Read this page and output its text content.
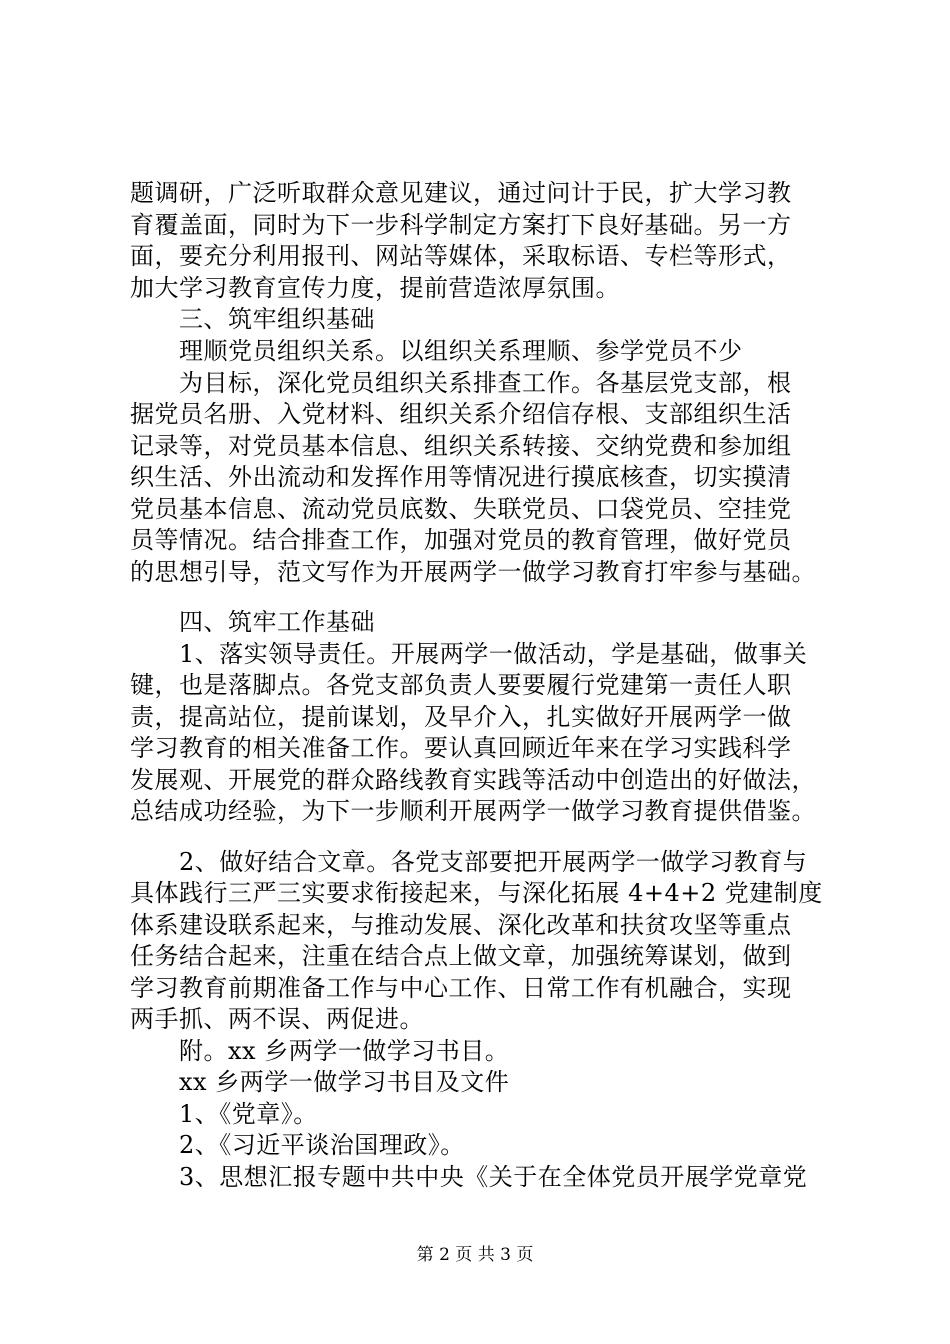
题调研，广泛听取群众意见建议，通过问计于民，扩大学习教
育覆盖面，同时为下一步科学制定方案打下良好基础。另一方
面，要充分利用报刊、网站等媒体，采取标语、专栏等形式，
加大学习教育宣传力度，提前营造浓厚氛围。
　　三、筑牢组织基础
　　理顺党员组织关系。以组织关系理顺、参学党员不少
　　为目标，深化党员组织关系排查工作。各基层党支部，根
据党员名册、入党材料、组织关系介绍信存根、支部组织生活
记录等，对党员基本信息、组织关系转接、交纳党费和参加组
织生活、外出流动和发挥作用等情况进行摸底核查，切实摸清
党员基本信息、流动党员底数、失联党员、口袋党员、空挂党
员等情况。结合排查工作，加强对党员的教育管理，做好党员
的思想引导，范文写作为开展两学一做学习教育打牢参与基础。
　　四、筑牢工作基础
　　1、落实领导责任。开展两学一做活动，学是基础，做事关
键，也是落脚点。各党支部负责人要要履行党建第一责任人职
责，提高站位，提前谋划，及早介入，扎实做好开展两学一做
学习教育的相关准备工作。要认真回顾近年来在学习实践科学
发展观、开展党的群众路线教育实践等活动中创造出的好做法，
总结成功经验，为下一步顺利开展两学一做学习教育提供借鉴。
　　2、做好结合文章。各党支部要把开展两学一做学习教育与
具体践行三严三实要求衔接起来，与深化拓展 4+4+2 党建制度
体系建设联系起来，与推动发展、深化改革和扶贫攻坚等重点
任务结合起来，注重在结合点上做文章，加强统筹谋划，做到
学习教育前期准备工作与中心工作、日常工作有机融合，实现
两手抓、两不误、两促进。
　　附。xx 乡两学一做学习书目。
　　xx 乡两学一做学习书目及文件
　　1、《党章》。
　　2、《习近平谈治国理政》。
　　3、思想汇报专题中共中央《关于在全体党员开展学党章党
第 2 页 共 3 页
